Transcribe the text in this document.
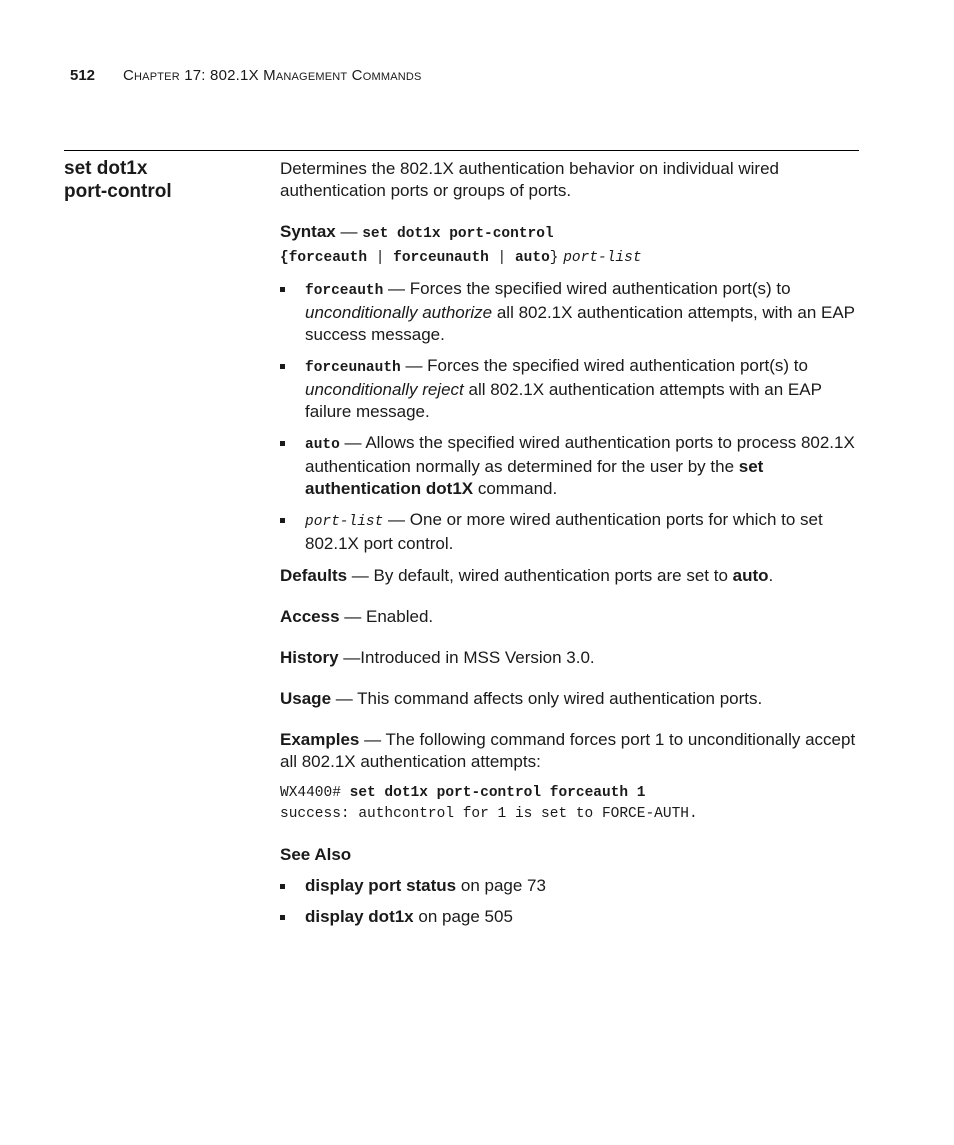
512 Chapter 17: 802.1X Management Commands
set dot1x
port-control

Determines the 802.1X authentication behavior on individual wired authentication ports or groups of ports.

Syntax — set dot1x port-control
{forceauth | forceunauth | auto} port-list

forceauth — Forces the specified wired authentication port(s) to unconditionally authorize all 802.1X authentication attempts, with an EAP success message.
forceunauth — Forces the specified wired authentication port(s) to unconditionally reject all 802.1X authentication attempts with an EAP failure message.
auto — Allows the specified wired authentication ports to process 802.1X authentication normally as determined for the user by the set authentication dot1X command.
port-list — One or more wired authentication ports for which to set 802.1X port control.

Defaults — By default, wired authentication ports are set to auto.

Access — Enabled.

History —Introduced in MSS Version 3.0.

Usage — This command affects only wired authentication ports.

Examples — The following command forces port 1 to unconditionally accept all 802.1X authentication attempts:

WX4400# set dot1x port-control forceauth 1
success: authcontrol for 1 is set to FORCE-AUTH.

See Also

display port status on page 73
display dot1x on page 505
